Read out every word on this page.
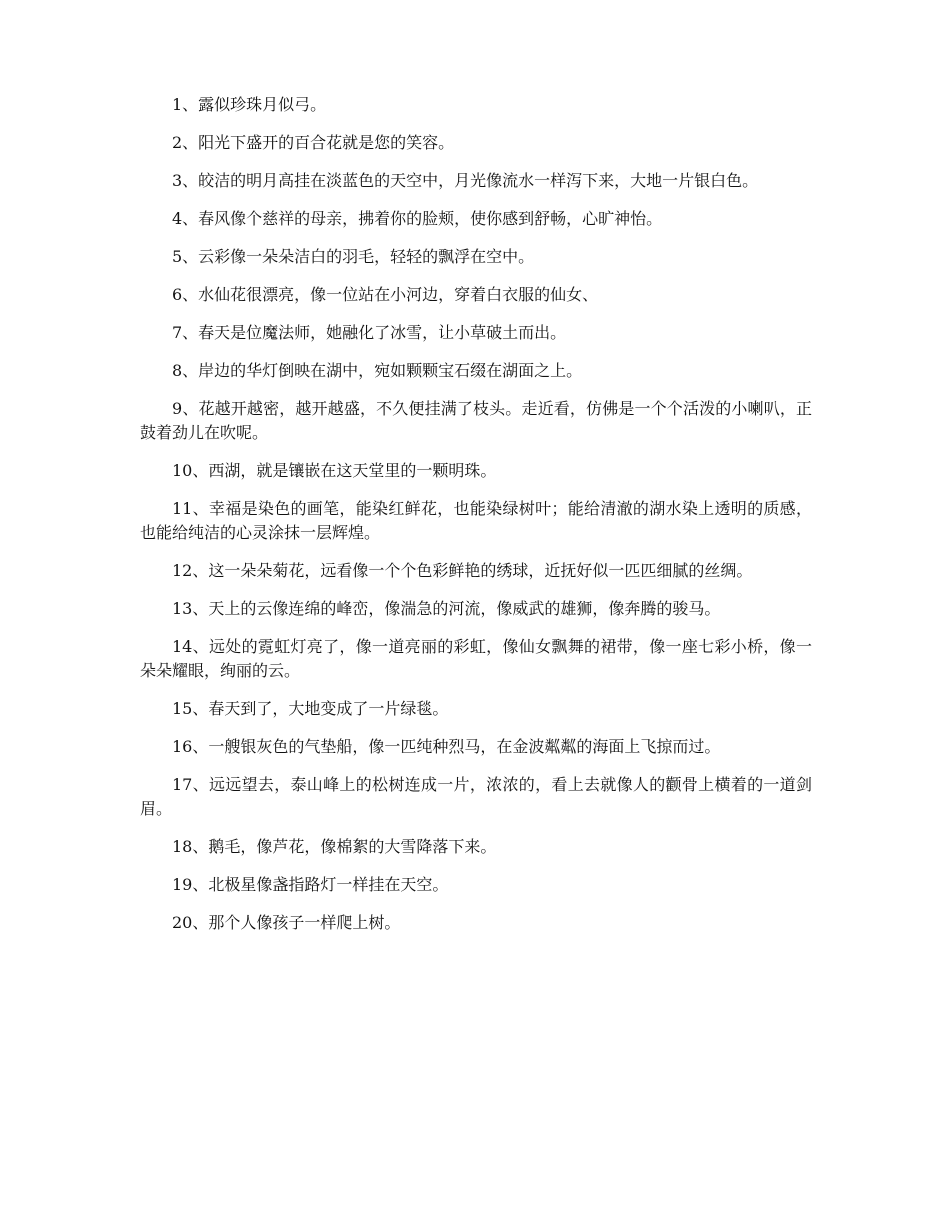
1、露似珍珠月似弓。

2、阳光下盛开的百合花就是您的笑容。

3、皎洁的明月高挂在淡蓝色的天空中，月光像流水一样泻下来，大地一片银白色。

4、春风像个慈祥的母亲，拂着你的脸颊，使你感到舒畅，心旷神怡。

5、云彩像一朵朵洁白的羽毛，轻轻的飘浮在空中。

6、水仙花很漂亮，像一位站在小河边，穿着白衣服的仙女、

7、春天是位魔法师，她融化了冰雪，让小草破土而出。

8、岸边的华灯倒映在湖中，宛如颗颗宝石缀在湖面之上。

9、花越开越密，越开越盛，不久便挂满了枝头。走近看，仿佛是一个个活泼的小喇叭，正鼓着劲儿在吹呢。

10、西湖，就是镶嵌在这天堂里的一颗明珠。

11、幸福是染色的画笔，能染红鲜花，也能染绿树叶；能给清澈的湖水染上透明的质感，也能给纯洁的心灵涂抹一层辉煌。

12、这一朵朵菊花，远看像一个个色彩鲜艳的绣球，近抚好似一匹匹细腻的丝绸。

13、天上的云像连绵的峰峦，像湍急的河流，像威武的雄狮，像奔腾的骏马。

14、远处的霓虹灯亮了，像一道亮丽的彩虹，像仙女飘舞的裙带，像一座七彩小桥，像一朵朵耀眼，绚丽的云。

15、春天到了，大地变成了一片绿毯。

16、一艘银灰色的气垫船，像一匹纯种烈马，在金波粼粼的海面上飞掠而过。

17、远远望去，泰山峰上的松树连成一片，浓浓的，看上去就像人的颧骨上横着的一道剑眉。

18、鹅毛，像芦花，像棉絮的大雪降落下来。

19、北极星像盏指路灯一样挂在天空。

20、那个人像孩子一样爬上树。
